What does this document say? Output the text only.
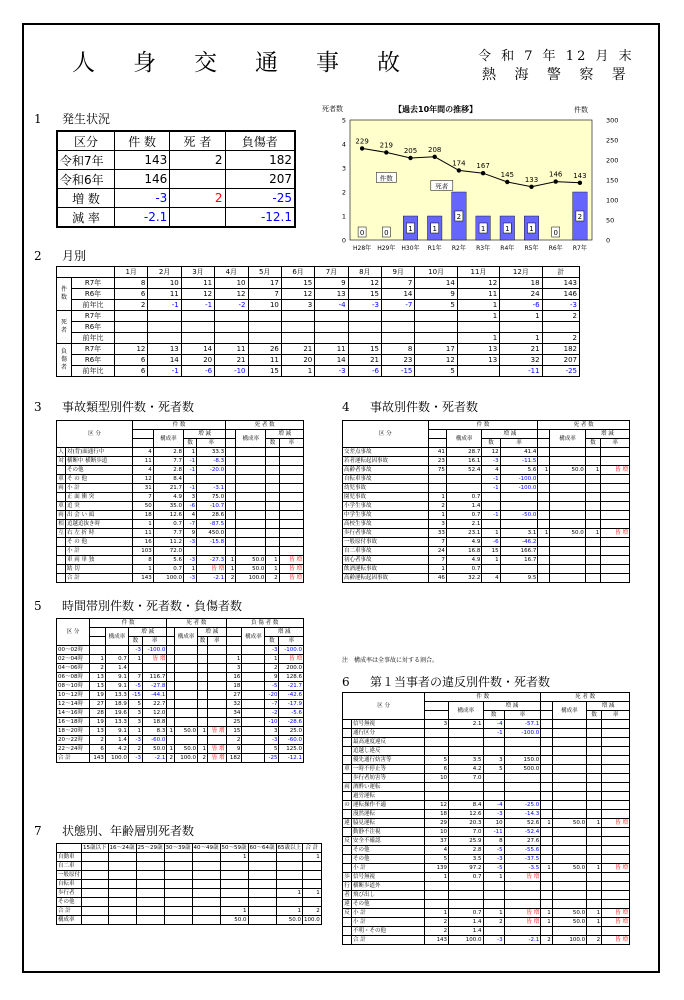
人身交通事故	令 和 7 年 12 月 末
熱 海 警 察 署
1 発生状況
2 月別
3 事故類型別件数・死者数	4 事故別件数・死者数
5 時間帯別件数・死者数・負傷者数
6 第１当事者の違反別件数・死者数
7 状態別、年齢層別死者数
区分	件 数	死 者	負傷者
令和7年	143	2	182
令和6年	146		207
増 数	-3	2	-25
減 率	-2.1		-12.1
死者数	【過去10年間の推移】	件数
0
1
2
3
4
5
0
50
100
150
200
250
300
0	0	1	1
2
1	1	1	0
2
229 219
205 208
174 167
145
133
146 143
H28年 H29年 H30年 R1年 R2年 R3年 R4年 R5年 R6年 R7年
件数
死者
		1月	2月	3月	4月	5月	6月	7月	8月	9月	10月	11月	12月	計
件数	R7年	8	10	11	10	17	15	9	12	7	14	12	18	143
	R6年	6	11	12	12	7	12	13	15	14	9	11	24	146
	前年比	2	-1	-1	-2	10	3	-4	-3	-7	5	1	-6	-3
死者	R7年											1	1	2
	R6年													
	前年比											1	1	2
負傷者	R7年	12	13	14	11	26	21	11	15	8	17	13	21	182
	R6年	6	14	20	21	11	20	14	21	23	12	13	32	207
	前年比	6	-1	-6	-10	15	1	-3	-6	-15	5		-11	-25
区 分		件 数				死 者 数			
			構成率	増 減			構成率	増 減	
				数	率			数	率
人	対(背)面通行中	4	2.8	1	33.3				
対	横断中 横断歩道	11	7.7	-1	-8.3				
	その他	4	2.8	-1	-20.0				
車	そ の 他	12	8.4						
両	小 計	31	21.7	-1	-3.1				
	正 面 衝 突	7	4.9	3	75.0				
車	追 突	50	35.0	-6	-10.7				
両	出 会 い 頭	18	12.6	4	28.6				
相	追越追抜き時	1	0.7	-7	-87.5				
互	右 左 折 時	11	7.7	9	450.0				
	そ の 他	16	11.2	-3	-15.8				
	小 計	103	72.0						
	車 両 単 独	8	5.6	-3	-27.3	1	50.0	1	皆 増
	踏 切	1	0.7	1	皆 増	1	50.0	1	皆 増
	合 計	143	100.0	-3	-2.1	2	100.0	2	皆 増
区 分	件 数				死 者 数			
		構成率	増 減			構成率	増 減	
			数	率			数	率
交差点事故	41	28.7	12	41.4				
若者運転起因事故	23	16.1	-3	-11.5				
高齢者事故	75	52.4	4	5.6	1	50.0	1	皆 増
自転車事故			-1	-100.0				
幼児事故			-1	-100.0				
園児事故	1	0.7						
小学生事故	2	1.4						
中学生事故	1	0.7	-1	-50.0				
高校生事故	3	2.1						
歩行者事故	33	23.1	1	3.1	1	50.0	1	皆 増
一般原付事故	7	4.9	-6	-46.2				
自二車事故	24	16.8	15	166.7				
初心者事故	7	4.9	1	16.7				
飲酒運転事故	1	0.7						
高齢運転起因事故	46	32.2	4	9.5				
注　構成率は全事故に対する割合。
区 分	件 数				死 者 数				負 傷 者 数			
		構成率	増 減			構成率	増 減			構成率	増 減	
			数	率			数	率			数	率
00～02時			-3	-100.0							-3	-100.0
02～04時	1	0.7	1	皆 増					1		1	皆 増
04～06時	2	1.4							3		2	200.0
06～08時	13	9.1	7	116.7					16		9	128.6
08～10時	13	9.1	-5	-27.8					18		-5	-21.7
10～12時	19	13.3	-15	-44.1					27		-20	-42.6
12～14時	27	18.9	5	22.7					32		-7	-17.9
14～16時	28	19.6	3	12.0					34		-2	-5.6
16～18時	19	13.3	3	18.8					25		-10	-28.6
18～20時	13	9.1	1	8.3	1	50.0	1	皆 増	15		3	25.0
20～22時	2	1.4	-3	-60.0					2		-3	-60.0
22～24時	6	4.2	2	50.0	1	50.0	1	皆 増	9		5	125.0
合 計	143	100.0	-3	-2.1	2	100.0	2	皆 増	182		-25	-12.1
区 分		件 数				死 者 数			
			構成率	増 減			構成率	増 減	
				数	率			数	率
	信号無視	3	2.1	-4	-57.1				
	通行区分			-1	-100.0				
	最高速度違反								
	追越し違反								
	優先通行妨害等	5	3.5	3	150.0				
車	一時不停止等	6	4.2	5	500.0				
	歩行者妨害等	10	7.0						
両	酒酔い運転								
	過労運転								
の	運転操作不適	12	8.4	-4	-25.0				
	漫然運転	18	12.6	-3	-14.3				
違	脇見運転	29	20.3	10	52.6	1	50.0	1	皆 増
	動静不注視	10	7.0	-11	-52.4				
反	安全不確認	37	25.9	8	27.6				
	その他	4	2.8	-5	-55.6				
	その他	5	3.5	-3	-37.5				
	小 計	139	97.2	-5	-3.5	1	50.0	1	皆 増
歩	信号無視	1	0.7	1	皆 増				
行	横断歩道外								
者	飛び出し								
違	その他								
反	小 計	1	0.7	1	皆 増	1	50.0	1	皆 増
	小 計	2	1.4	2	皆 増	1	50.0	1	皆 増
	不明・その他	2	1.4						
	合 計	143	100.0	-3	-2.1	2	100.0	2	皆 増
	15歳以下	16～24歳	25～29歳	30～39歳	40～49歳	50～59歳	60～64歳	65歳以上	合 計
自動車						1			1
自二車									
一般原付									
自転車									
歩行者								1	1
その他									
合 計						1		1	2
構成率						50.0		50.0	100.0
